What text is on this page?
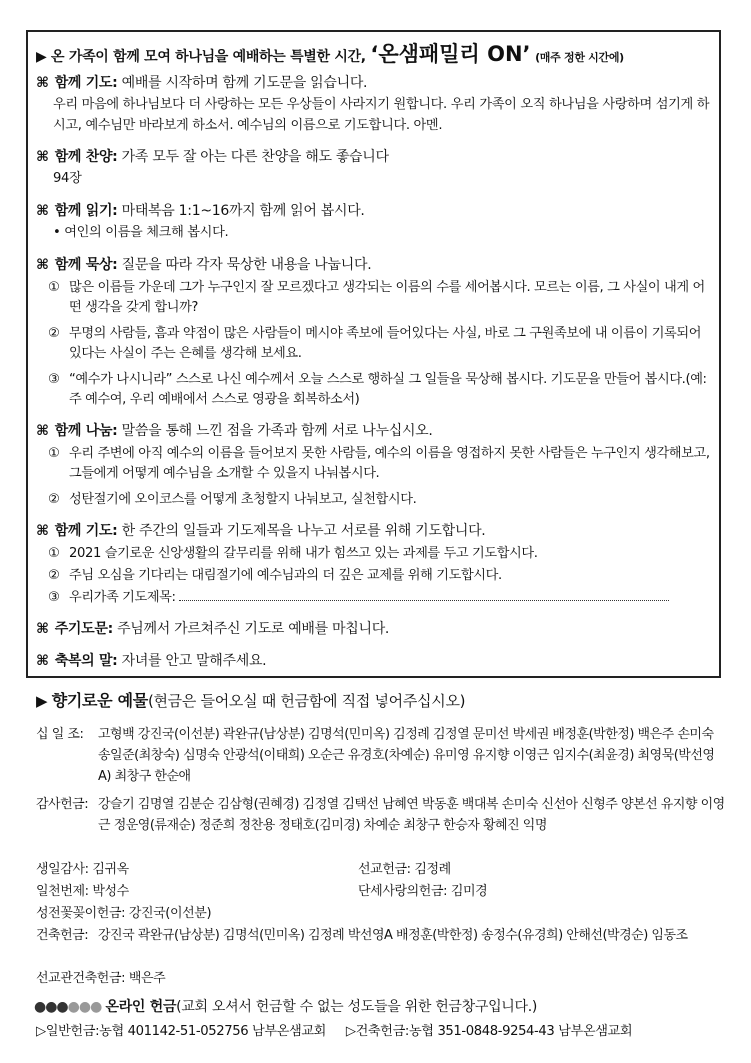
▶ 온 가족이 함께 모여 하나님을 예배하는 특별한 시간, ‘온샘패밀리 ON’ (매주 정한 시간에)
⌘ 함께 기도: 예배를 시작하며 함께 기도문을 읽습니다.
우리 마음에 하나님보다 더 사랑하는 모든 우상들이 사라지기 원합니다. 우리 가족이 오직 하나님을 사랑하며 섬기게 하시고, 예수님만 바라보게 하소서. 예수님의 이름으로 기도합니다. 아멘.
⌘ 함께 찬양: 가족 모두 잘 아는 다른 찬양을 해도 좋습니다
94장
⌘ 함께 읽기: 마태복음 1:1~16까지 함께 읽어 봅시다.
• 여인의 이름을 체크해 봅시다.
⌘ 함께 묵상: 질문을 따라 각자 묵상한 내용을 나눕니다.
① 많은 이름들 가운데 그가 누구인지 잘 모르겠다고 생각되는 이름의 수를 세어봅시다. 모르는 이름, 그 사실이 내게 어떤 생각을 갖게 합니까?
② 무명의 사람들, 흠과 약점이 많은 사람들이 메시야 족보에 들어있다는 사실, 바로 그 구원족보에 내 이름이 기록되어 있다는 사실이 주는 은혜를 생각해 보세요.
③ “예수가 나시니라” 스스로 나신 예수께서 오늘 스스로 행하실 그 일들을 묵상해 봅시다. 기도문을 만들어 봅시다.(예: 주 예수여, 우리 예배에서 스스로 영광을 회복하소서)
⌘ 함께 나눔: 말씀을 통해 느낀 점을 가족과 함께 서로 나누십시오.
① 우리 주변에 아직 예수의 이름을 들어보지 못한 사람들, 예수의 이름을 영접하지 못한 사람들은 누구인지 생각해보고, 그들에게 어떻게 예수님을 소개할 수 있을지 나눠봅시다.
② 성탄절기에 오이코스를 어떻게 초청할지 나눠보고, 실천합시다.
⌘ 함께 기도: 한 주간의 일들과 기도제목을 나누고 서로를 위해 기도합니다.
① 2021 슬기로운 신앙생활의 갈무리를 위해 내가 힘쓰고 있는 과제를 두고 기도합시다.
② 주님 오심을 기다리는 대림절기에 예수님과의 더 깊은 교제를 위해 기도합시다.
③ 우리가족 기도제목:
⌘ 주기도문: 주님께서 가르쳐주신 기도로 예배를 마칩니다.
⌘ 축복의 말: 자녀를 안고 말해주세요.
▶ 향기로운 예물(현금은 들어오실 때 헌금함에 직접 넣어주십시오)
십 일 조: 고형백 강진국(이선분) 곽완규(남상분) 김명석(민미옥) 김정례 김정열 문미선 박세권 배정훈(박한정) 백은주 손미숙 송일준(최창숙) 심명숙 안광석(이태희) 오순근 유경호(차예순) 유미영 유지향 이영근 임지수(최윤경) 최영묵(박선영A) 최창구 한순애
감사헌금: 강슬기 김명열 김분순 김삼형(권혜경) 김정열 김택선 남혜연 박동훈 백대복 손미숙 신선아 신형주 양본선 유지향 이영근 정운영(류재순) 정준희 정찬용 정태호(김미경) 차예순 최창구 한승자 황혜진 익명
생일감사: 김귀옥	선교헌금: 김정례
일천번제: 박성수	단세사랑의헌금: 김미경
성전꽃꽂이헌금: 강진국(이선분)
건축헌금: 강진국 곽완규(남상분) 김명석(민미옥) 김정례 박선영A 배정훈(박한정) 송정수(유경희) 안해선(박경순) 임동조
선교관건축헌금: 백은주
●●●●●● 온라인 헌금(교회 오셔서 헌금할 수 없는 성도들을 위한 헌금창구입니다.)
▷일반헌금:농협 401142-51-052756 남부온샘교회 ▷건축헌금:농협 351-0848-9254-43 남부온샘교회
